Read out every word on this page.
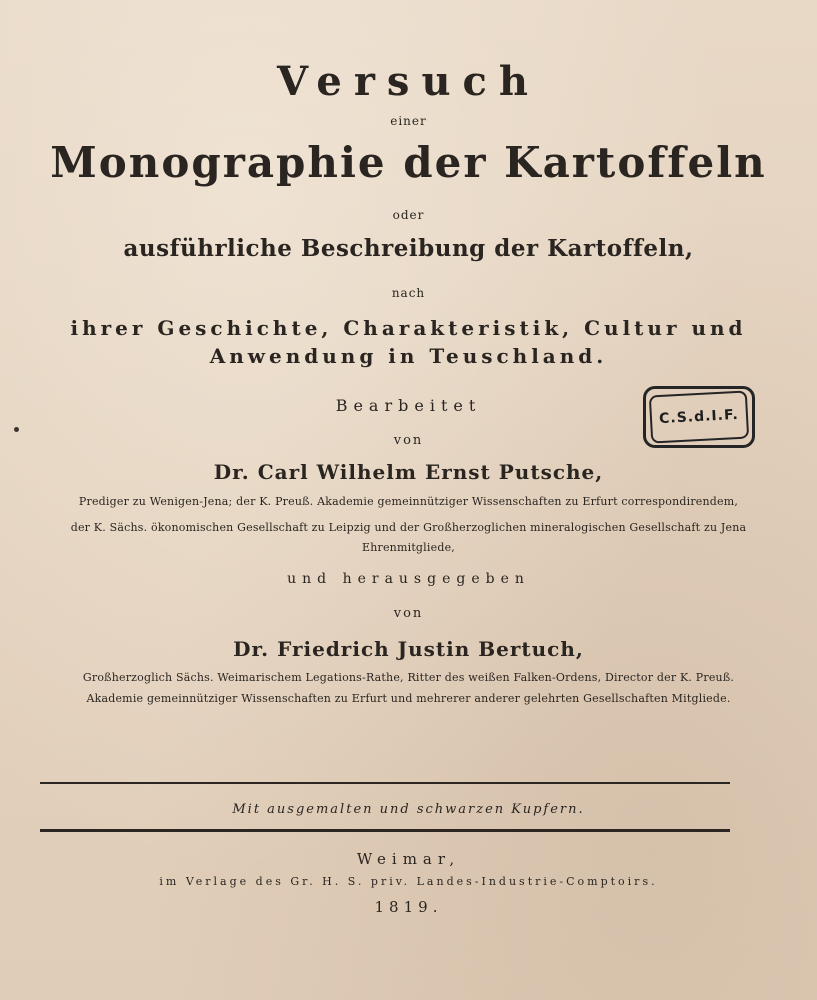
Versuch
einer
Monographie der Kartoffeln
oder
ausführliche Beschreibung der Kartoffeln,
nach
ihrer Geschichte, Charakteristik, Cultur und
Anwendung in Teuschland.
Bearbeitet
von
Dr. Carl Wilhelm Ernst Putsche,
Prediger zu Wenigen-Jena; der K. Preuß. Akademie gemeinnütziger Wissenschaften zu Erfurt correspondirendem,
der K. Sächs. ökonomischen Gesellschaft zu Leipzig und der Großherzoglichen mineralogischen Gesellschaft zu Jena
Ehrenmitgliede,
und herausgegeben
von
Dr. Friedrich Justin Bertuch,
Großherzoglich Sächs. Weimarischem Legations-Rathe, Ritter des weißen Falken-Ordens, Director der K. Preuß.
Akademie gemeinnütziger Wissenschaften zu Erfurt und mehrerer anderer gelehrten Gesellschaften Mitgliede.
Mit ausgemalten und schwarzen Kupfern.
Weimar,
im Verlage des Gr. H. S. priv. Landes-Industrie-Comptoirs.
1819.
C.S.d.I.F.
